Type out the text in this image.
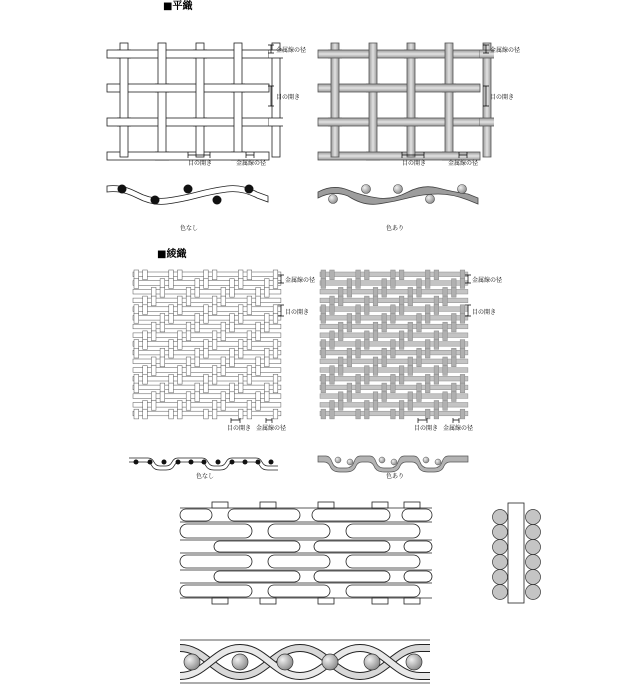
■平織
金属線の径
目の開き
目の開き	金属線の径
金属線の径
目の開き
目の開き	金属線の径
色なし	色あり
■綾織
金属線の径
目の開き
目の開き 金属線の径
金属線の径
目の開き
目の開き 金属線の径
色なし	色あり
